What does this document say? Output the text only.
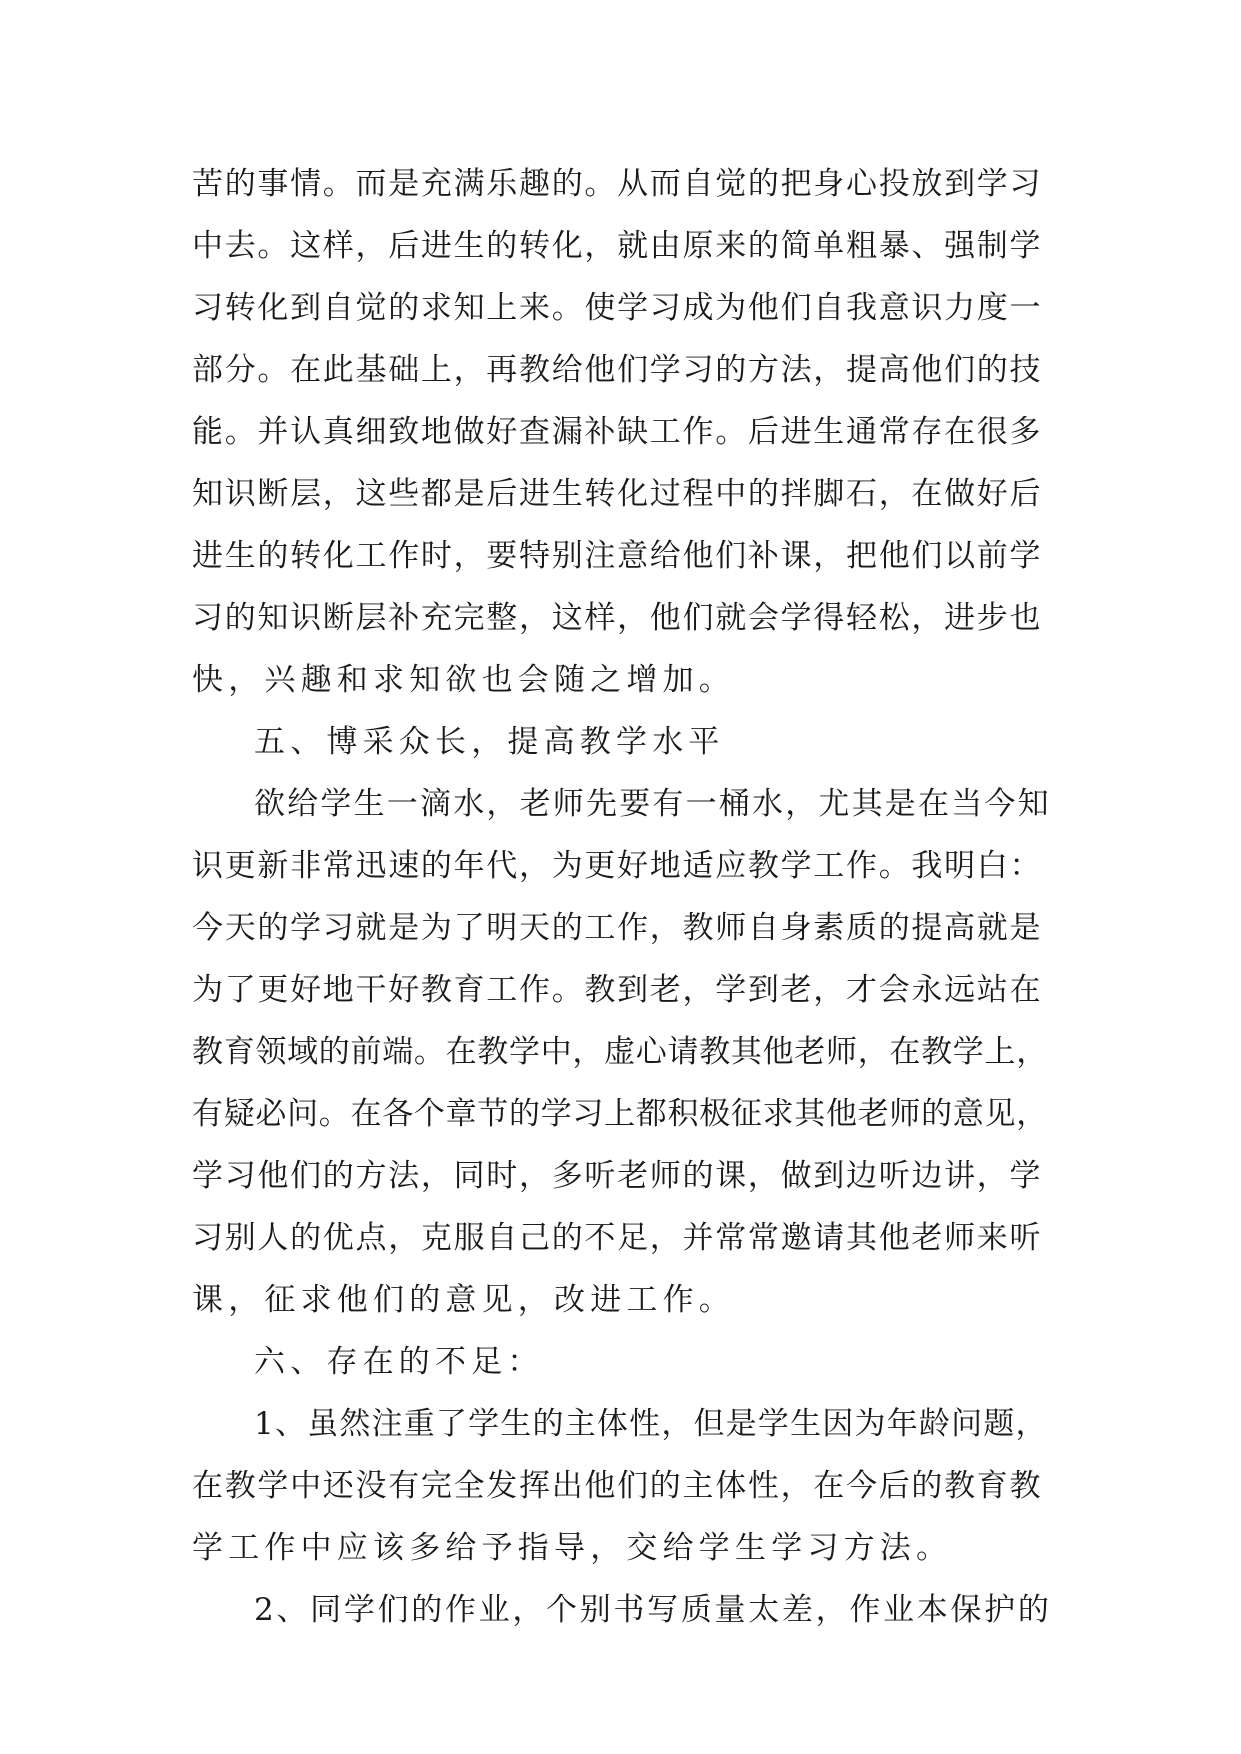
苦的事情。而是充满乐趣的。从而自觉的把身心投放到学习
中去。这样，后进生的转化，就由原来的简单粗暴、强制学
习转化到自觉的求知上来。使学习成为他们自我意识力度一
部分。在此基础上，再教给他们学习的方法，提高他们的技
能。并认真细致地做好查漏补缺工作。后进生通常存在很多
知识断层，这些都是后进生转化过程中的拌脚石，在做好后
进生的转化工作时，要特别注意给他们补课，把他们以前学
习的知识断层补充完整，这样，他们就会学得轻松，进步也
快，兴趣和求知欲也会随之增加。
五、博采众长，提高教学水平
欲给学生一滴水，老师先要有一桶水，尤其是在当今知
识更新非常迅速的年代，为更好地适应教学工作。我明白：
今天的学习就是为了明天的工作，教师自身素质的提高就是
为了更好地干好教育工作。教到老，学到老，才会永远站在
教育领域的前端。在教学中，虚心请教其他老师，在教学上，
有疑必问。在各个章节的学习上都积极征求其他老师的意见，
学习他们的方法，同时，多听老师的课，做到边听边讲，学
习别人的优点，克服自己的不足，并常常邀请其他老师来听
课，征求他们的意见，改进工作。
六、存在的不足：
1、虽然注重了学生的主体性，但是学生因为年龄问题，
在教学中还没有完全发挥出他们的主体性，在今后的教育教
学工作中应该多给予指导，交给学生学习方法。
2、同学们的作业，个别书写质量太差，作业本保护的
